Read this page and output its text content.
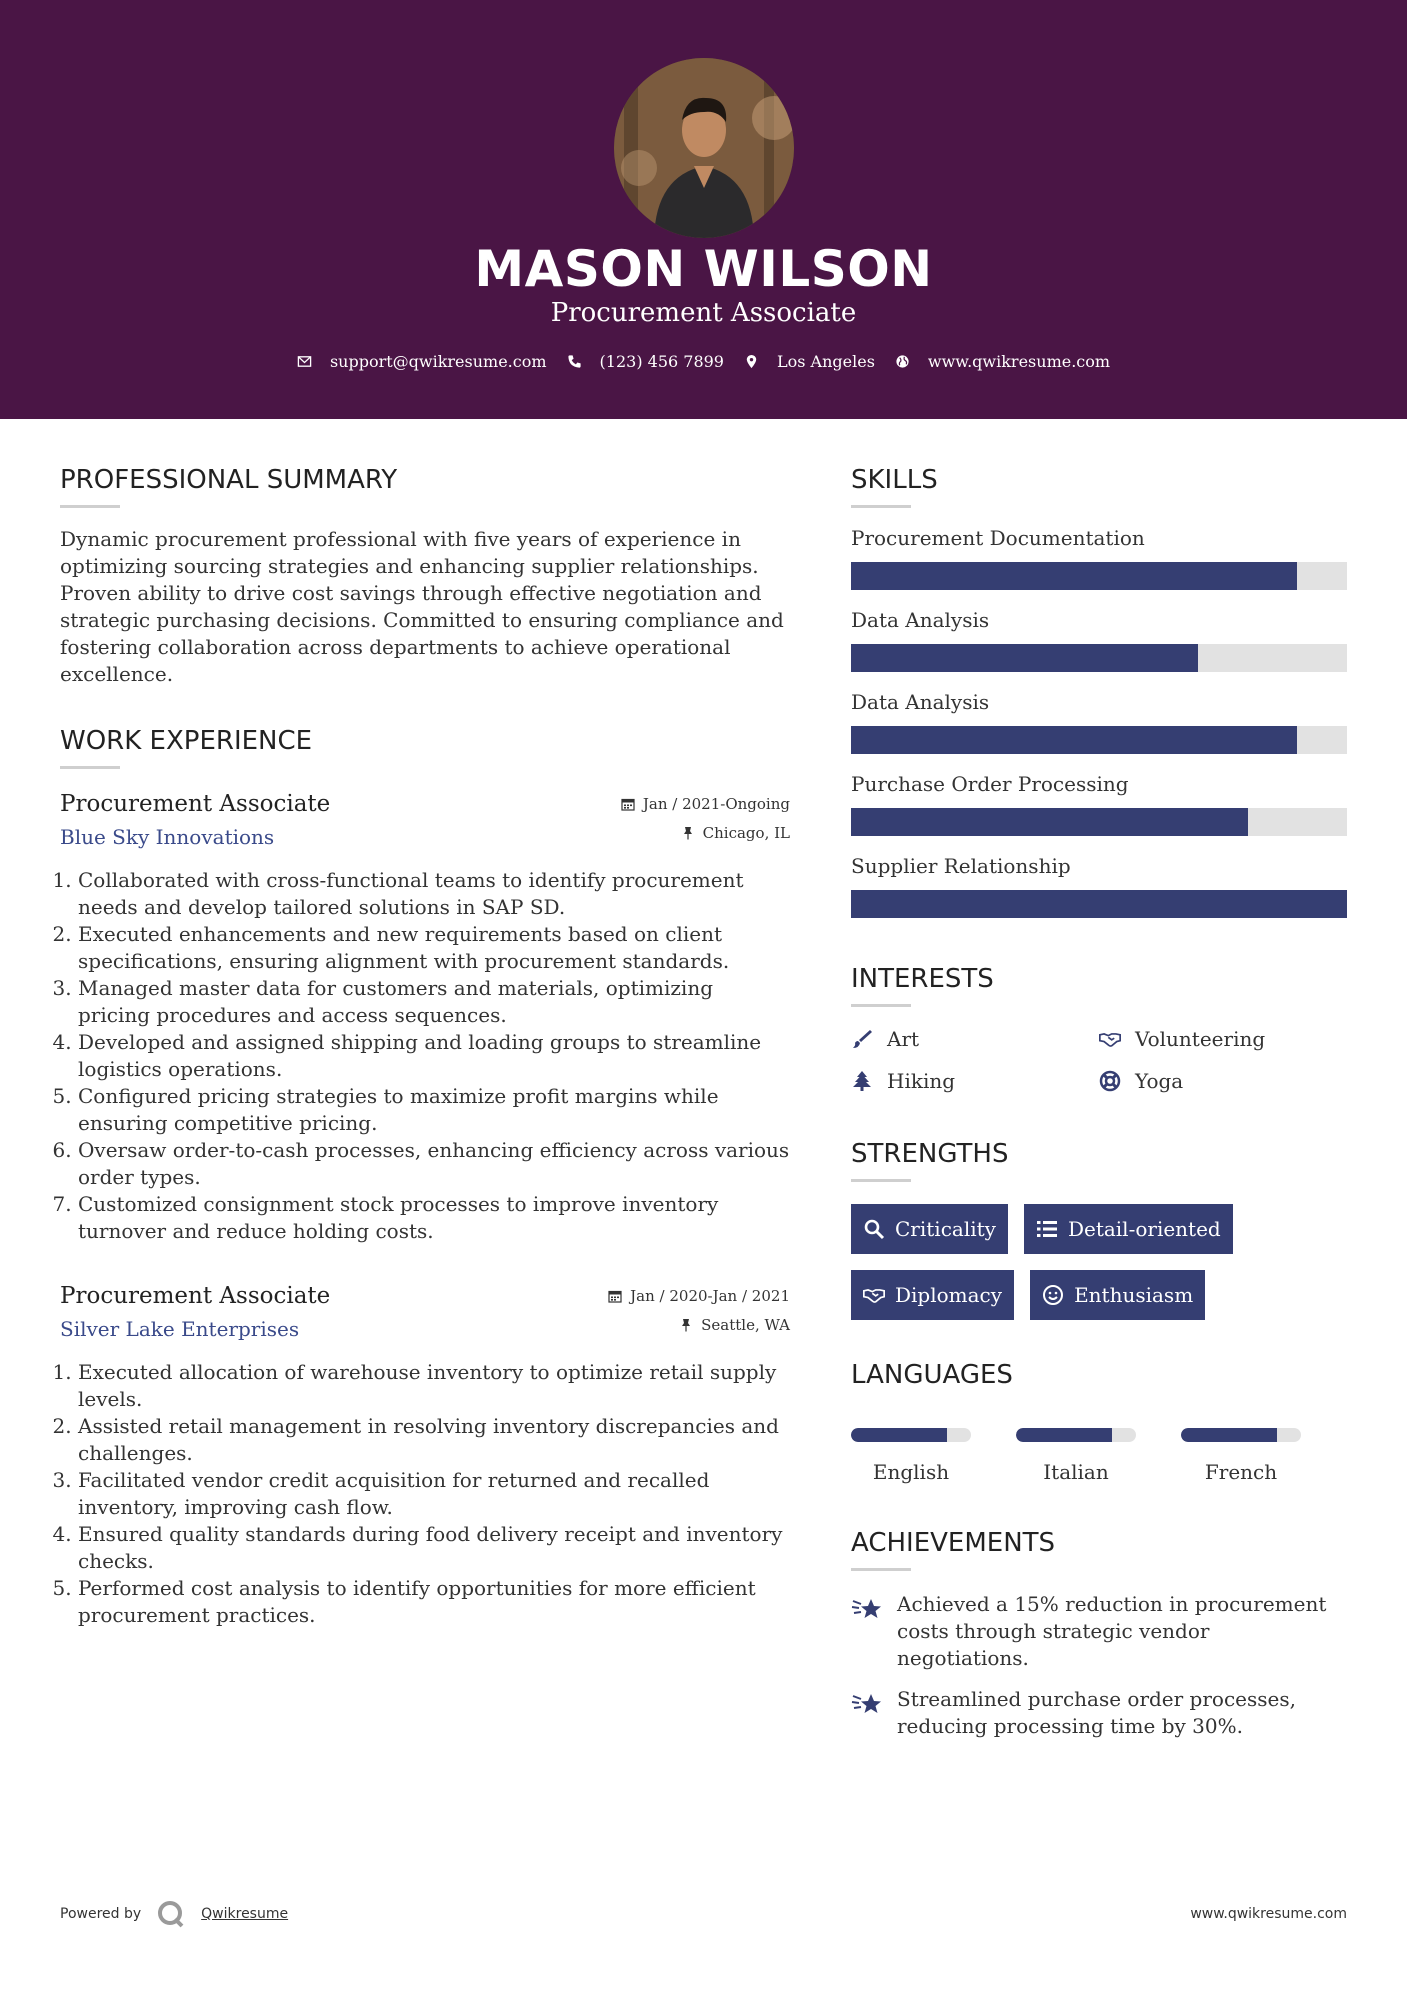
MASON WILSON
Procurement Associate
support@qwikresume.com	(123) 456 7899	Los Angeles	www.qwikresume.com
PROFESSIONAL SUMMARY

Dynamic procurement professional with five years of experience in optimizing sourcing strategies and enhancing supplier relationships. Proven ability to drive cost savings through effective negotiation and strategic purchasing decisions. Committed to ensuring compliance and fostering collaboration across departments to achieve operational excellence.

WORK EXPERIENCE
Procurement Associate	Jan / 2021-Ongoing
Blue Sky Innovations	Chicago, IL
1. Collaborated with cross-functional teams to identify procurement needs and develop tailored solutions in SAP SD.
2. Executed enhancements and new requirements based on client specifications, ensuring alignment with procurement standards.
3. Managed master data for customers and materials, optimizing pricing procedures and access sequences.
4. Developed and assigned shipping and loading groups to streamline logistics operations.
5. Configured pricing strategies to maximize profit margins while ensuring competitive pricing.
6. Oversaw order-to-cash processes, enhancing efficiency across various order types.
7. Customized consignment stock processes to improve inventory turnover and reduce holding costs.
Procurement Associate	Jan / 2020-Jan / 2021
Silver Lake Enterprises	Seattle, WA
1. Executed allocation of warehouse inventory to optimize retail supply levels.
2. Assisted retail management in resolving inventory discrepancies and challenges.
3. Facilitated vendor credit acquisition for returned and recalled inventory, improving cash flow.
4. Ensured quality standards during food delivery receipt and inventory checks.
5. Performed cost analysis to identify opportunities for more efficient procurement practices.
SKILLS
Procurement Documentation
Data Analysis
Data Analysis
Purchase Order Processing
Supplier Relationship
INTERESTS
Art	Volunteering
Hiking	Yoga
STRENGTHS
Criticality	Detail-oriented
Diplomacy	Enthusiasm
LANGUAGES
English	Italian	French
ACHIEVEMENTS
Achieved a 15% reduction in procurement costs through strategic vendor negotiations.
Streamlined purchase order processes, reducing processing time by 30%.
Powered by	Qwikresume	www.qwikresume.com
